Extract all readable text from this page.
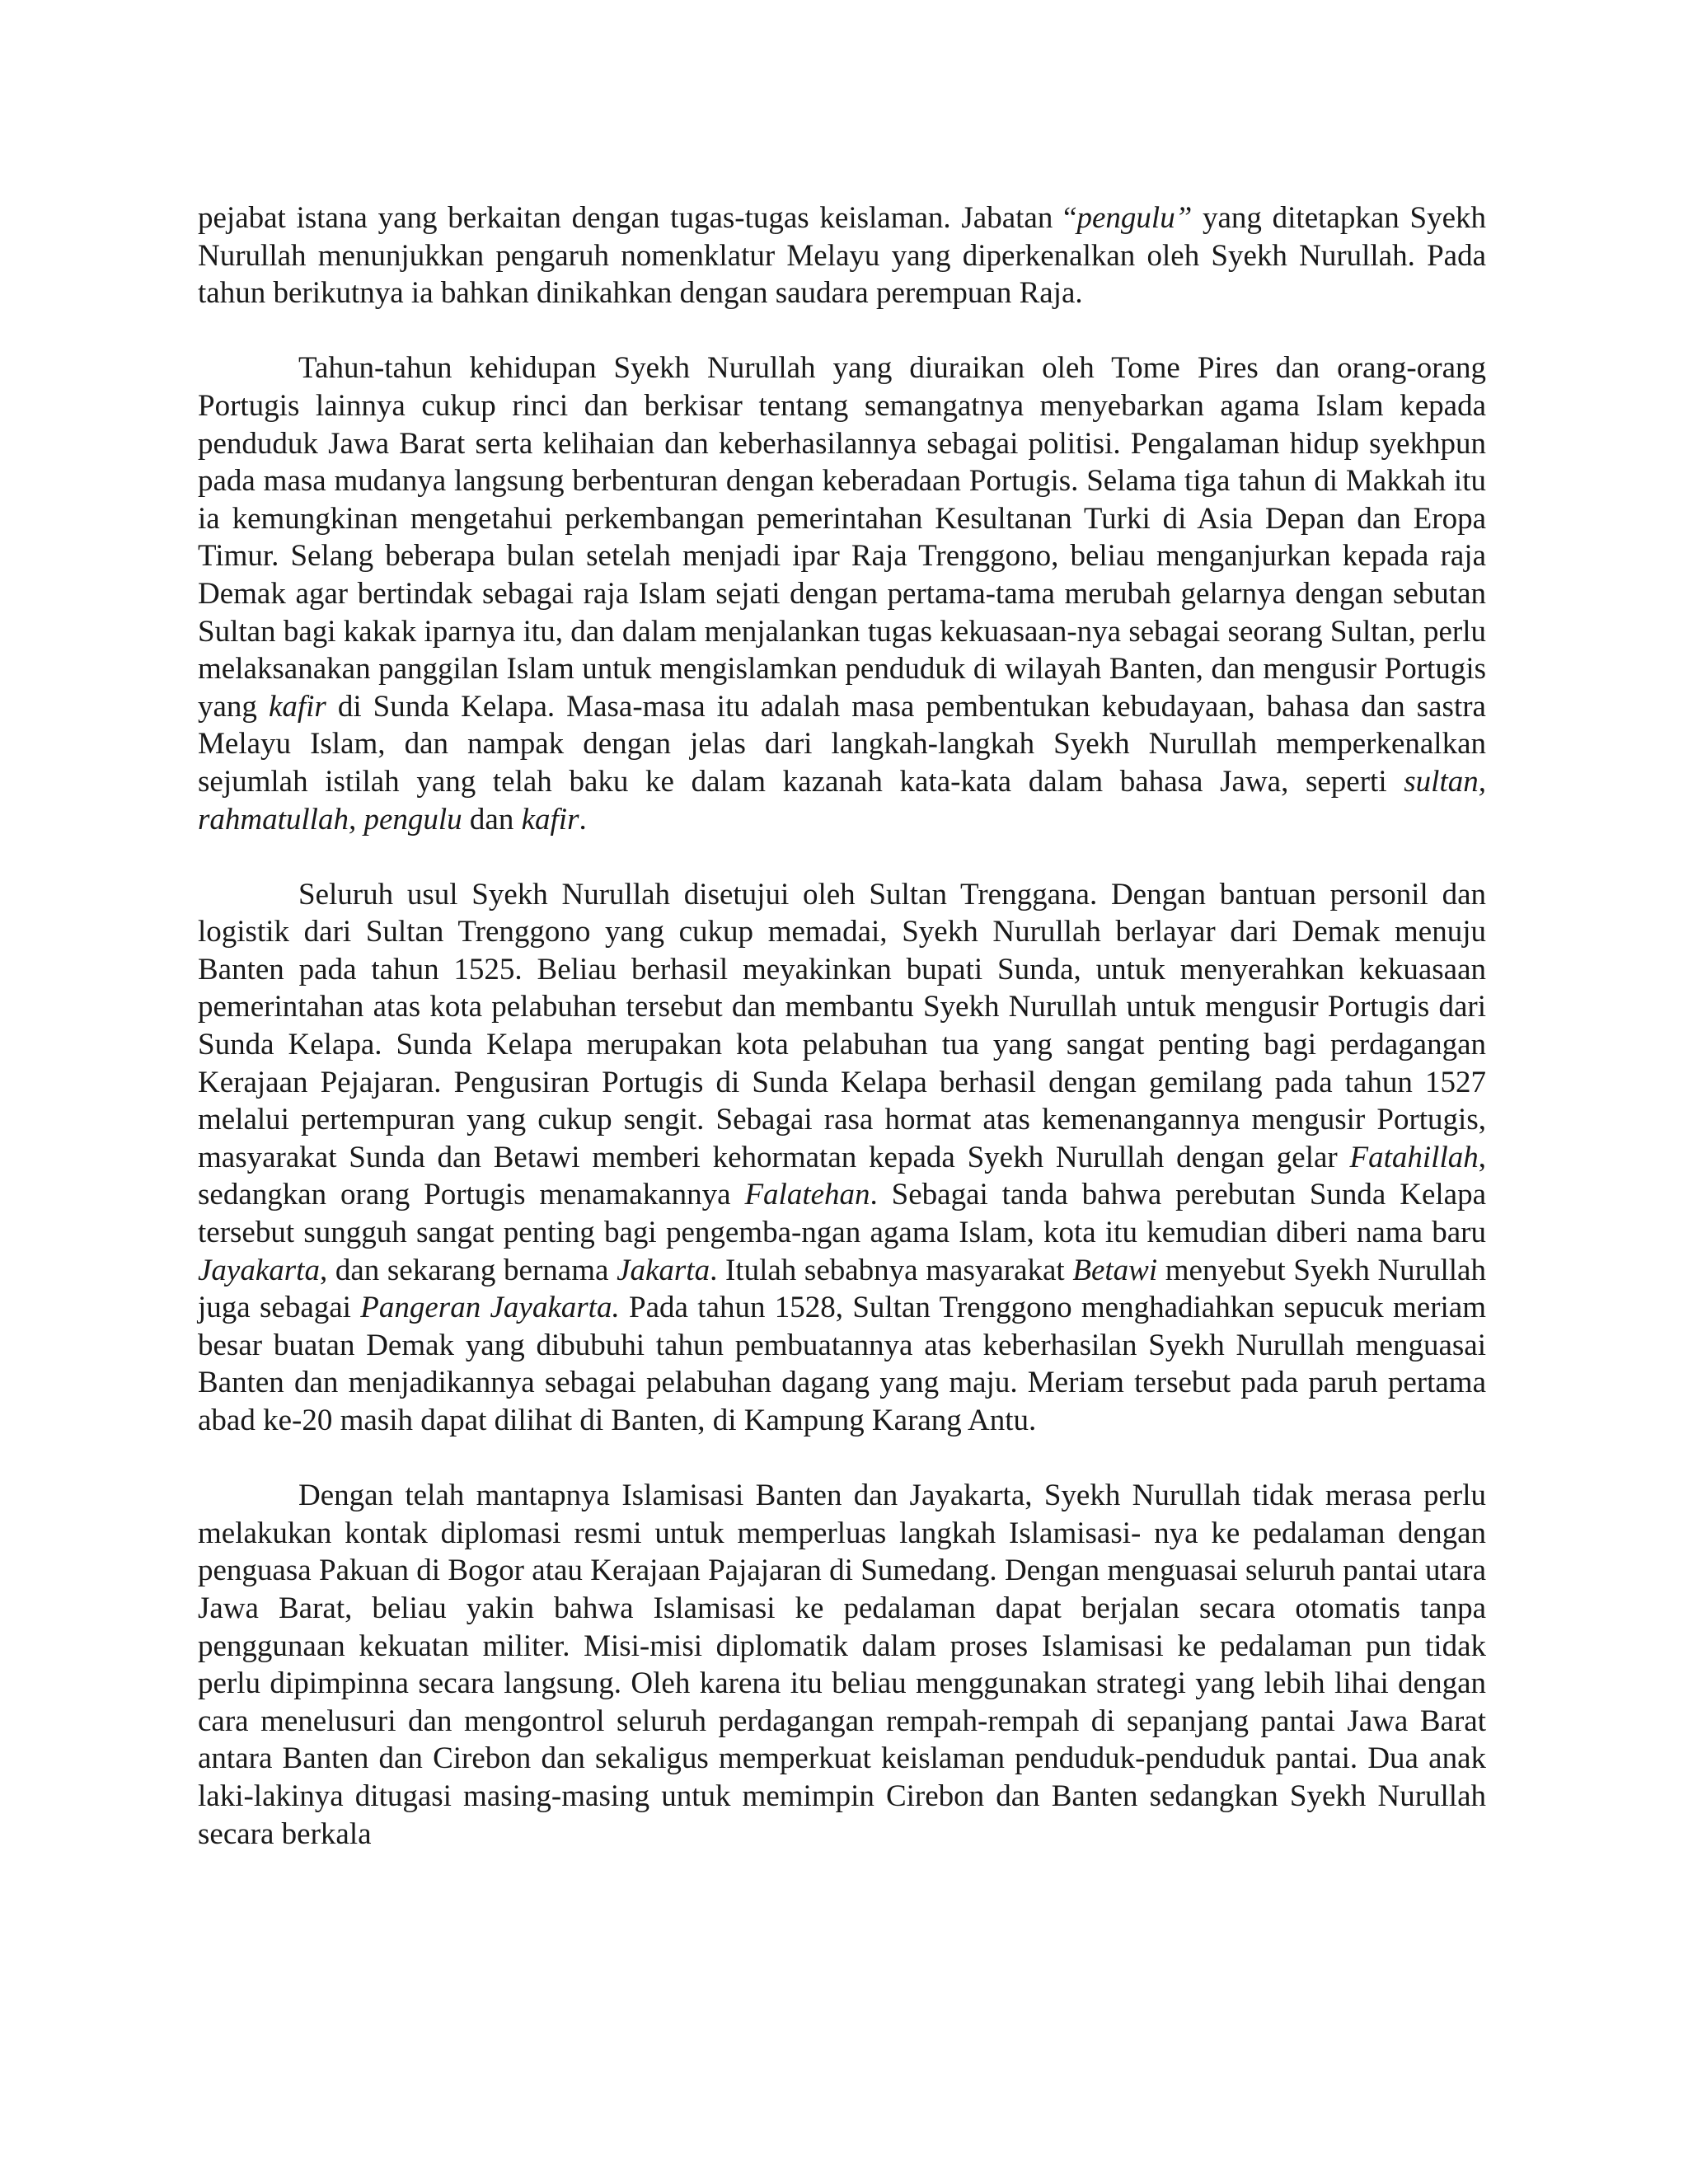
pejabat istana yang berkaitan dengan tugas-tugas keislaman. Jabatan “pengulu” yang ditetapkan Syekh Nurullah menunjukkan pengaruh nomenklatur Melayu yang diperkenalkan oleh Syekh Nurullah. Pada tahun berikutnya ia bahkan dinikahkan dengan saudara perempuan Raja.

Tahun-tahun kehidupan Syekh Nurullah yang diuraikan oleh Tome Pires dan orang-orang Portugis lainnya cukup rinci dan berkisar tentang semangatnya menyebarkan agama Islam kepada penduduk Jawa Barat serta kelihaian dan keberhasilannya sebagai politisi. Pengalaman hidup syekhpun pada masa mudanya langsung berbenturan dengan keberadaan Portugis. Selama tiga tahun di Makkah itu ia kemungkinan mengetahui perkembangan pemerintahan Kesultanan Turki di Asia Depan dan Eropa Timur. Selang beberapa bulan setelah menjadi ipar Raja Trenggono, beliau menganjurkan kepada raja Demak agar bertindak sebagai raja Islam sejati dengan pertama-tama merubah gelarnya dengan sebutan Sultan bagi kakak iparnya itu, dan dalam menjalankan tugas kekuasaan-nya sebagai seorang Sultan, perlu melaksanakan panggilan Islam untuk mengislamkan penduduk di wilayah Banten, dan mengusir Portugis yang kafir di Sunda Kelapa. Masa-masa itu adalah masa pembentukan kebudayaan, bahasa dan sastra Melayu Islam, dan nampak dengan jelas dari langkah-langkah Syekh Nurullah memperkenalkan sejumlah istilah yang telah baku ke dalam kazanah kata-kata dalam bahasa Jawa, seperti sultan, rahmatullah, pengulu dan kafir.

Seluruh usul Syekh Nurullah disetujui oleh Sultan Trenggana. Dengan bantuan personil dan logistik dari Sultan Trenggono yang cukup memadai, Syekh Nurullah berlayar dari Demak menuju Banten pada tahun 1525. Beliau berhasil meyakinkan bupati Sunda, untuk menyerahkan kekuasaan pemerintahan atas kota pelabuhan tersebut dan membantu Syekh Nurullah untuk mengusir Portugis dari Sunda Kelapa. Sunda Kelapa merupakan kota pelabuhan tua yang sangat penting bagi perdagangan Kerajaan Pejajaran. Pengusiran Portugis di Sunda Kelapa berhasil dengan gemilang pada tahun 1527 melalui pertempuran yang cukup sengit. Sebagai rasa hormat atas kemenangannya mengusir Portugis, masyarakat Sunda dan Betawi memberi kehormatan kepada Syekh Nurullah dengan gelar Fatahillah, sedangkan orang Portugis menamakannya Falatehan. Sebagai tanda bahwa perebutan Sunda Kelapa tersebut sungguh sangat penting bagi pengemba-ngan agama Islam, kota itu kemudian diberi nama baru Jayakarta, dan sekarang bernama Jakarta. Itulah sebabnya masyarakat Betawi menyebut Syekh Nurullah juga sebagai Pangeran Jayakarta. Pada tahun 1528, Sultan Trenggono menghadiahkan sepucuk meriam besar buatan Demak yang dibubuhi tahun pembuatannya atas keberhasilan Syekh Nurullah menguasai Banten dan menjadikannya sebagai pelabuhan dagang yang maju. Meriam tersebut pada paruh pertama abad ke-20 masih dapat dilihat di Banten, di Kampung Karang Antu.

Dengan telah mantapnya Islamisasi Banten dan Jayakarta, Syekh Nurullah tidak merasa perlu melakukan kontak diplomasi resmi untuk memperluas langkah Islamisasi- nya ke pedalaman dengan penguasa Pakuan di Bogor atau Kerajaan Pajajaran di Sumedang. Dengan menguasai seluruh pantai utara Jawa Barat, beliau yakin bahwa Islamisasi ke pedalaman dapat berjalan secara otomatis tanpa penggunaan kekuatan militer. Misi-misi diplomatik dalam proses Islamisasi ke pedalaman pun tidak perlu dipimpinna secara langsung. Oleh karena itu beliau menggunakan strategi yang lebih lihai dengan cara menelusuri dan mengontrol seluruh perdagangan rempah-rempah di sepanjang pantai Jawa Barat antara Banten dan Cirebon dan sekaligus memperkuat keislaman penduduk-penduduk pantai. Dua anak laki-lakinya ditugasi masing-masing untuk memimpin Cirebon dan Banten sedangkan Syekh Nurullah secara berkala
